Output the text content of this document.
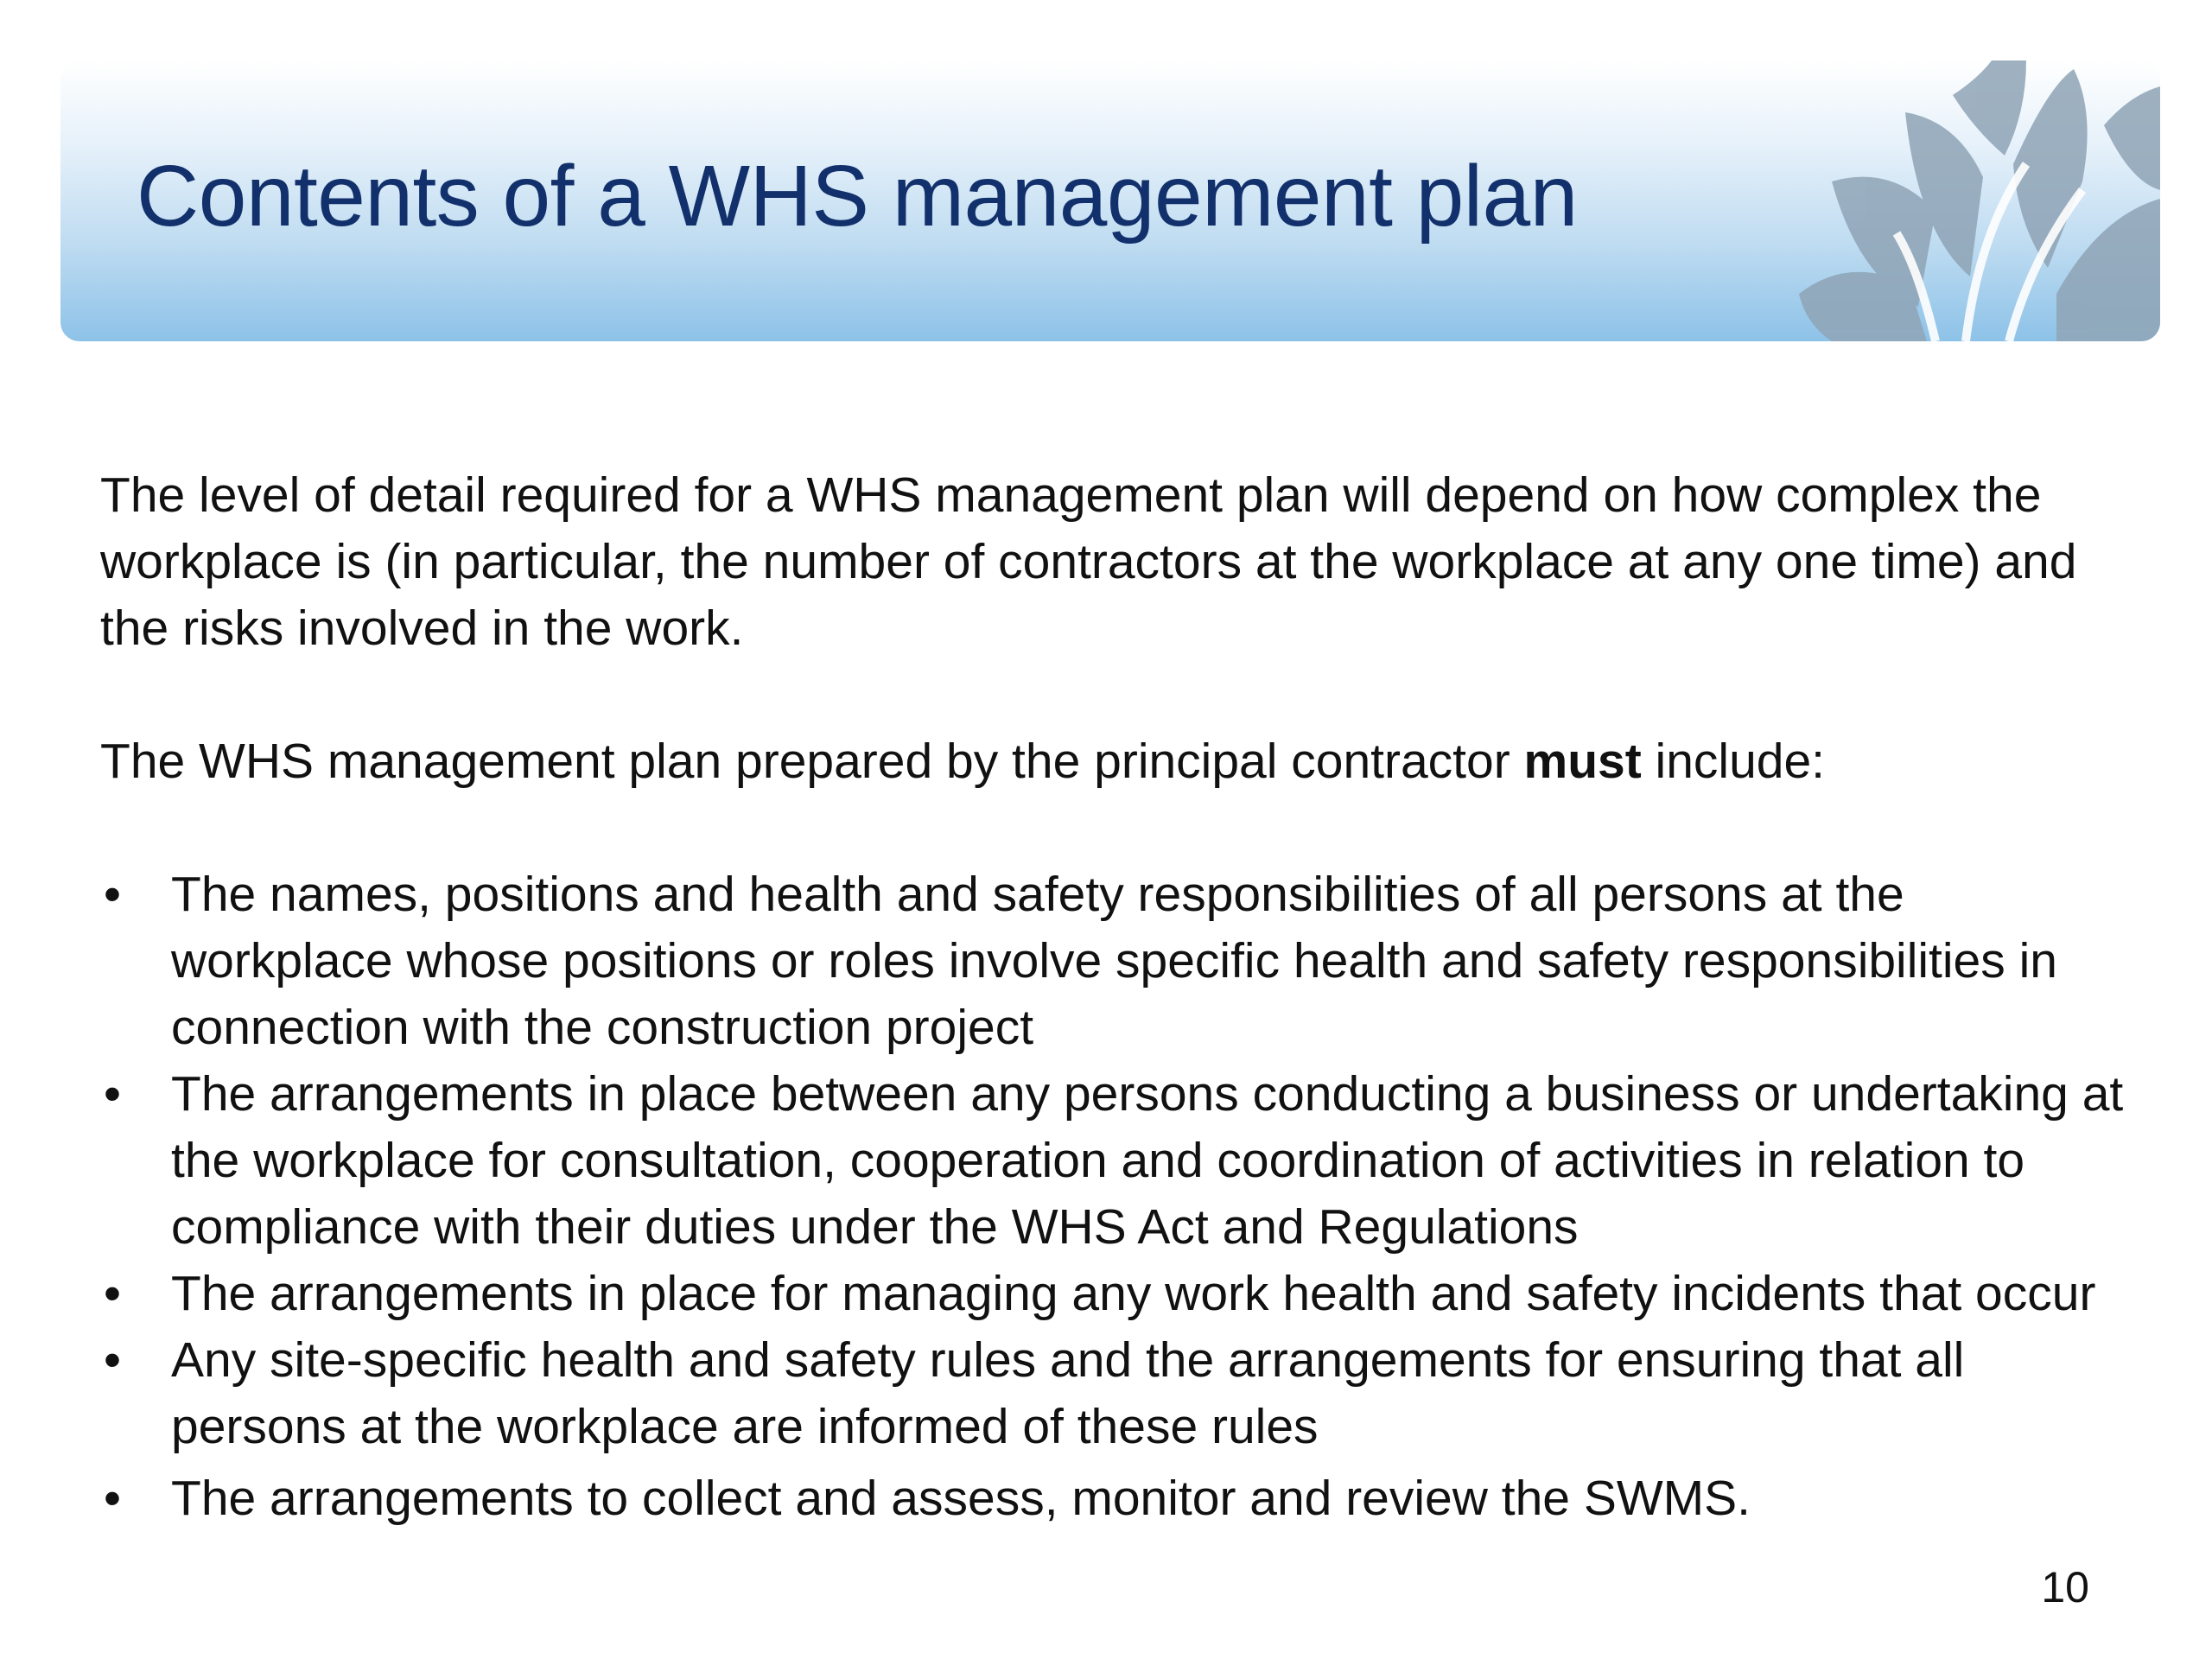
Contents of a WHS management plan

The level of detail required for a WHS management plan will depend on how complex the workplace is (in particular, the number of contractors at the workplace at any one time) and the risks involved in the work.

The WHS management plan prepared by the principal contractor must include:

• The names, positions and health and safety responsibilities of all persons at the workplace whose positions or roles involve specific health and safety responsibilities in connection with the construction project
• The arrangements in place between any persons conducting a business or undertaking at the workplace for consultation, cooperation and coordination of activities in relation to compliance with their duties under the WHS Act and Regulations
• The arrangements in place for managing any work health and safety incidents that occur
• Any site-specific health and safety rules and the arrangements for ensuring that all persons at the workplace are informed of these rules
• The arrangements to collect and assess, monitor and review the SWMS.
10
